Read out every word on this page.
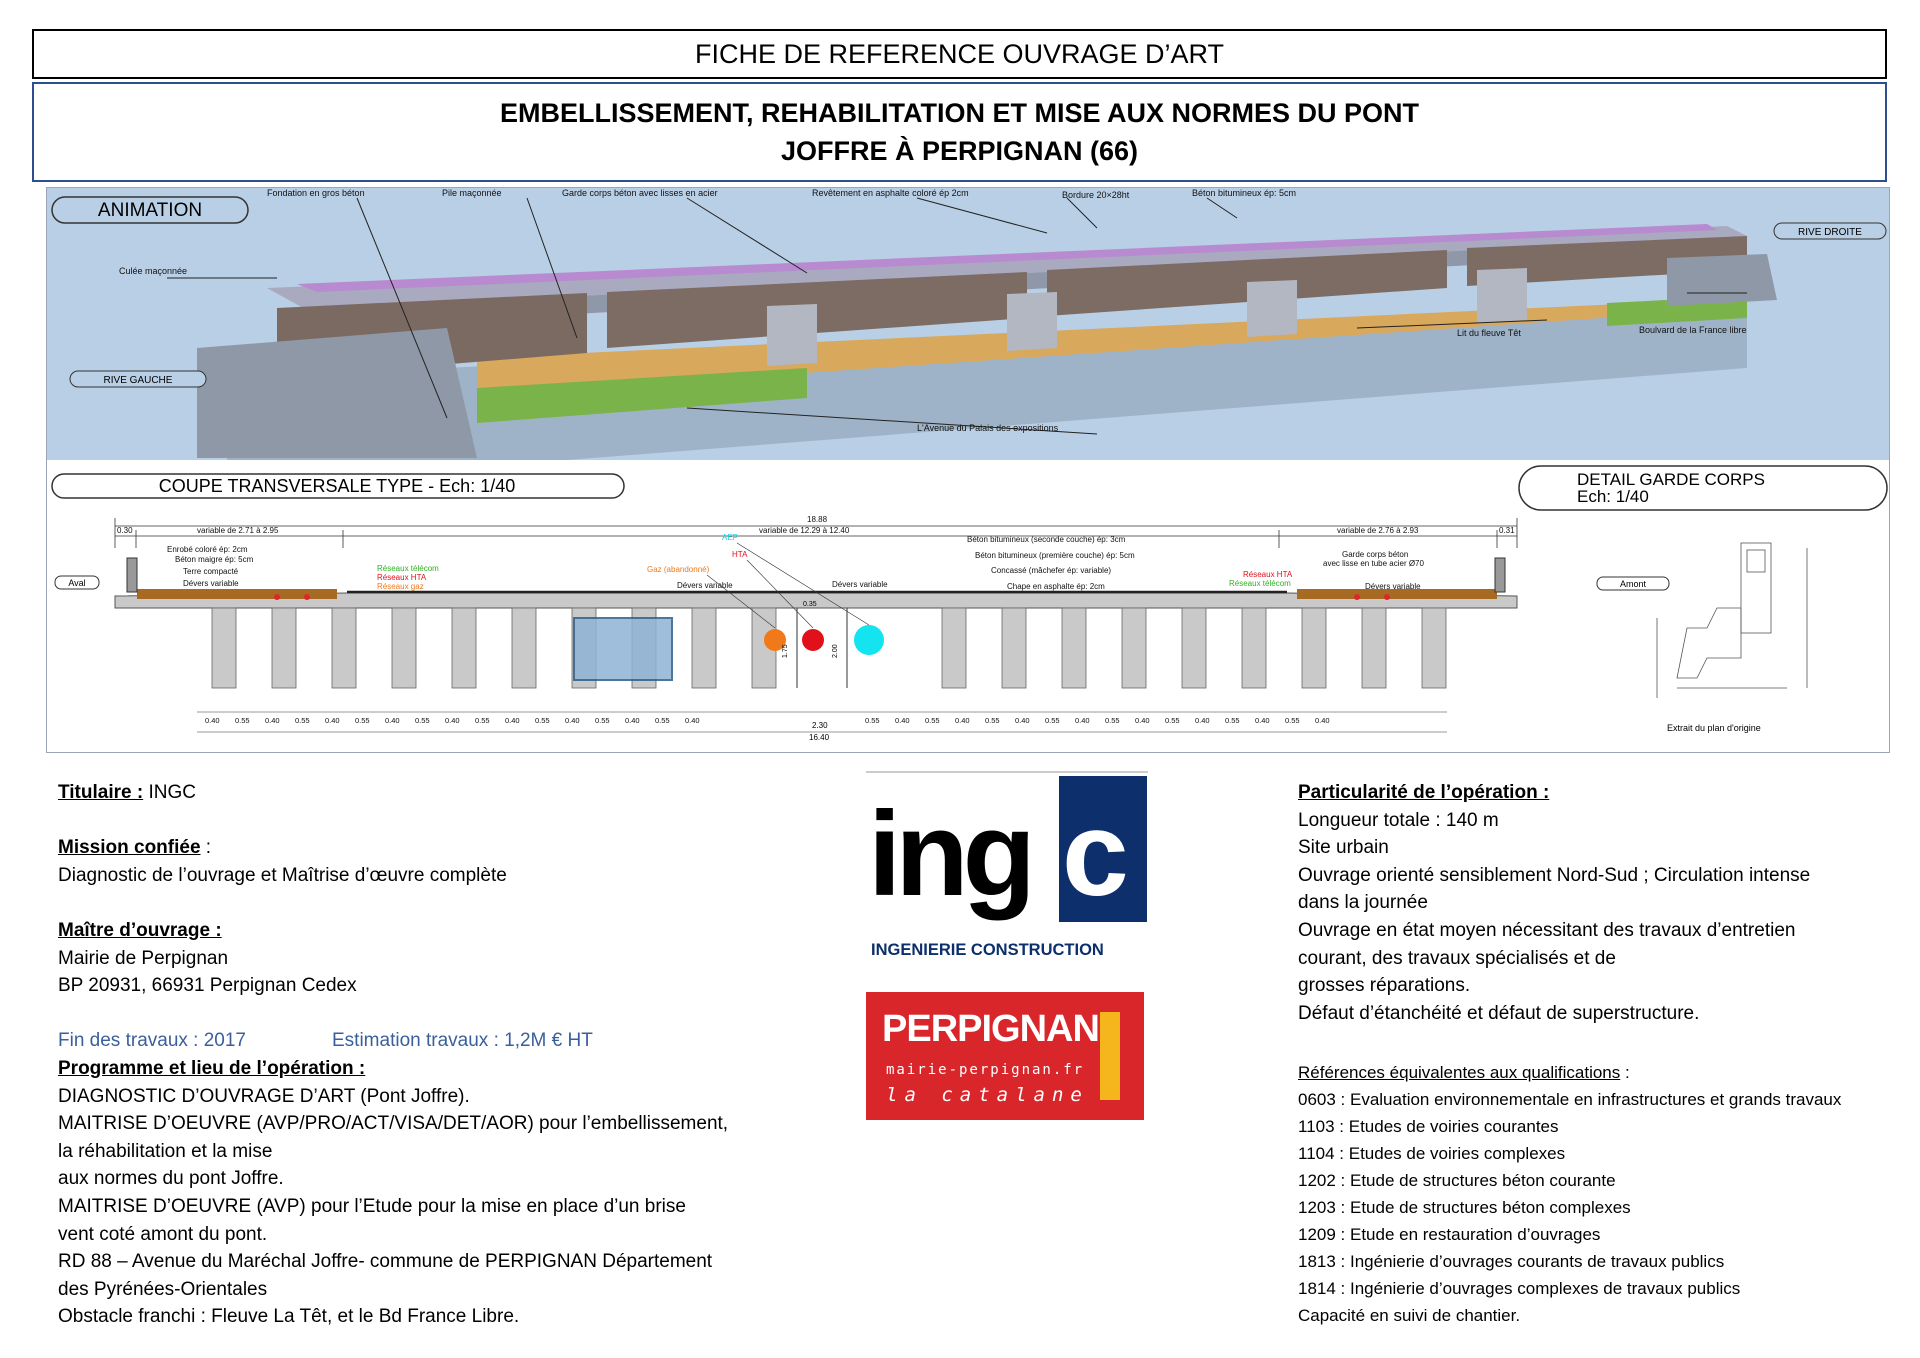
FICHE DE REFERENCE OUVRAGE D’ART
EMBELLISSEMENT, REHABILITATION ET MISE AUX NORMES DU PONT
JOFFRE À PERPIGNAN (66)
ANIMATION
Fondation en gros béton	Pile maçonnée	Garde corps béton avec lisses en acier	Revêtement en asphalte coloré ép 2cm	Bordure 20×28ht	Béton bitumineux ép: 5cm
Culée maçonnée
Boulvard de la France libre
Lit du fleuve Têt
L'Avenue du Palais des expositions
RIVE DROITE
RIVE GAUCHE
COUPE TRANSVERSALE TYPE - Ech: 1/40	DETAIL GARDE CORPS
Ech: 1/40
18.88
0.30	0.31
variable de 2.71 à 2.95	variable de 12.29 à 12.40	variable de 2.76 à 2.93
Aval	Amont
1.75	2.00
0.35
Enrobé coloré ép: 2cm
Béton maigre ép: 5cm
Terre compacté
Dévers variable
Réseaux télécom
Réseaux HTA
Réseaux gaz
AEP
HTA
Gaz (abandonné)
Dévers variable	Dévers variable
Béton bitumineux (seconde couche) ép: 3cm
Béton bitumineux (première couche) ép: 5cm
Concassé (mâchefer ép: variable)
Chape en asphalte ép: 2cm
Garde corps béton
avec lisse en tube acier Ø70
Dévers variable
Réseaux HTA
Réseaux télécom
0.40 0.55 0.40 0.55 0.40 0.55 0.40 0.55 0.40 0.55 0.40 0.55 0.40 0.55 0.40 0.55 0.40	0.55 0.40 0.55 0.40 0.55 0.40 0.55 0.40 0.55 0.40 0.55 0.40 0.55 0.40 0.55 0.40
2.30
16.40
Extrait du plan d'origine

Titulaire : INGC

Mission confiée :

Diagnostic de l’ouvrage et Maîtrise d’œuvre complète

Maître d’ouvrage :

Mairie de Perpignan

BP 20931, 66931 Perpignan Cedex

Fin des travaux : 2017	Estimation travaux : 1,2M € HT

Programme et lieu de l’opération :

DIAGNOSTIC D’OUVRAGE D’ART (Pont Joffre).

MAITRISE D’OEUVRE (AVP/PRO/ACT/VISA/DET/AOR) pour l’embellissement,

la réhabilitation et la mise

aux normes du pont Joffre.

MAITRISE D’OEUVRE (AVP) pour l’Etude pour la mise en place d’un brise

vent coté amont du pont.

RD 88 – Avenue du Maréchal Joffre- commune de PERPIGNAN Département

des Pyrénées-Orientales

Obstacle franchi : Fleuve La Têt, et le Bd France Libre.

ing c
INGENIERIE CONSTRUCTION
PERPIGNAN
mairie-perpignan.fr
la catalane

Particularité de l’opération :

Longueur totale : 140 m

Site urbain

Ouvrage orienté sensiblement Nord-Sud ; Circulation intense

dans la journée

Ouvrage en état moyen nécessitant des travaux d’entretien

courant, des travaux spécialisés et de

grosses réparations.

Défaut d’étanchéité et défaut de superstructure.

Références équivalentes aux qualifications :

0603 : Evaluation environnementale en infrastructures et grands travaux

1103 : Etudes de voiries courantes

1104 : Etudes de voiries complexes

1202 : Etude de structures béton courante

1203 : Etude de structures béton complexes

1209 : Etude en restauration d’ouvrages

1813 : Ingénierie d’ouvrages courants de travaux publics

1814 : Ingénierie d’ouvrages complexes de travaux publics

Capacité en suivi de chantier.
